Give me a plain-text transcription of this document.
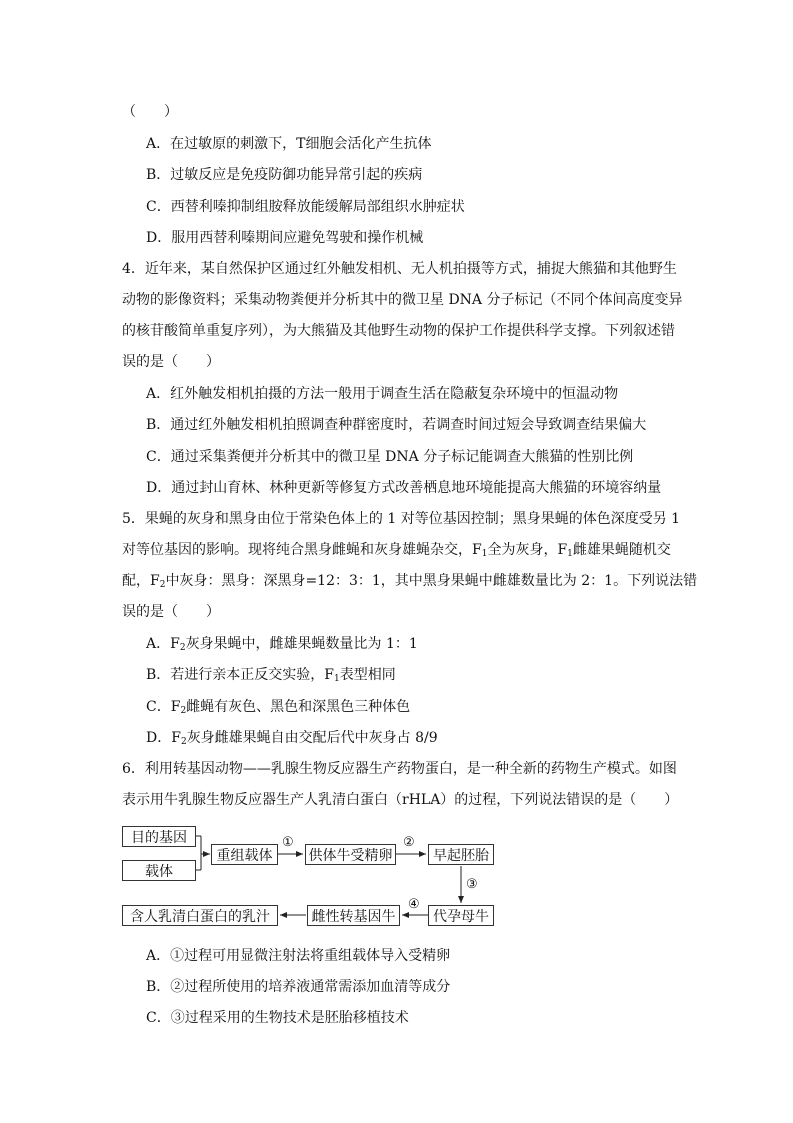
（　　）
A．在过敏原的刺激下，T细胞会活化产生抗体
B．过敏反应是免疫防御功能异常引起的疾病
C．西替利嗪抑制组胺释放能缓解局部组织水肿症状
D．服用西替利嗪期间应避免驾驶和操作机械
4．近年来，某自然保护区通过红外触发相机、无人机拍摄等方式，捕捉大熊猫和其他野生
动物的影像资料；采集动物粪便并分析其中的微卫星 DNA 分子标记（不同个体间高度变异
的核苷酸简单重复序列），为大熊猫及其他野生动物的保护工作提供科学支撑。下列叙述错
误的是（　　）
A．红外触发相机拍摄的方法一般用于调查生活在隐蔽复杂环境中的恒温动物
B．通过红外触发相机拍照调查种群密度时，若调查时间过短会导致调查结果偏大
C．通过采集粪便并分析其中的微卫星 DNA 分子标记能调查大熊猫的性别比例
D．通过封山育林、林种更新等修复方式改善栖息地环境能提高大熊猫的环境容纳量
5．果蝇的灰身和黑身由位于常染色体上的 1 对等位基因控制；黑身果蝇的体色深度受另 1
对等位基因的影响。现将纯合黑身雌蝇和灰身雄蝇杂交，$F_1$全为灰身，$F_1$雌雄果蝇随机交
配，$F_2$中灰身：黑身：深黑身=12：3：1，其中黑身果蝇中雌雄数量比为 2：1。下列说法错
误的是（　　）
A．$F_2$灰身果蝇中，雌雄果蝇数量比为 1：1
B．若进行亲本正反交实验，$F_1$表型相同
C．$F_2$雌蝇有灰色、黑色和深黑色三种体色
D．$F_2$灰身雌雄果蝇自由交配后代中灰身占 8/9
6．利用转基因动物——乳腺生物反应器生产药物蛋白，是一种全新的药物生产模式。如图
表示用牛乳腺生物反应器生产人乳清白蛋白（rHLA）的过程，下列说法错误的是（　　）
目的基因
载体
重组载体	供体牛受精卵	早起胚胎
代孕母牛
雌性转基因牛
含人乳清白蛋白的乳汁
①	②
③
④
A．①过程可用显微注射法将重组载体导入受精卵
B．②过程所使用的培养液通常需添加血清等成分
C．③过程采用的生物技术是胚胎移植技术
